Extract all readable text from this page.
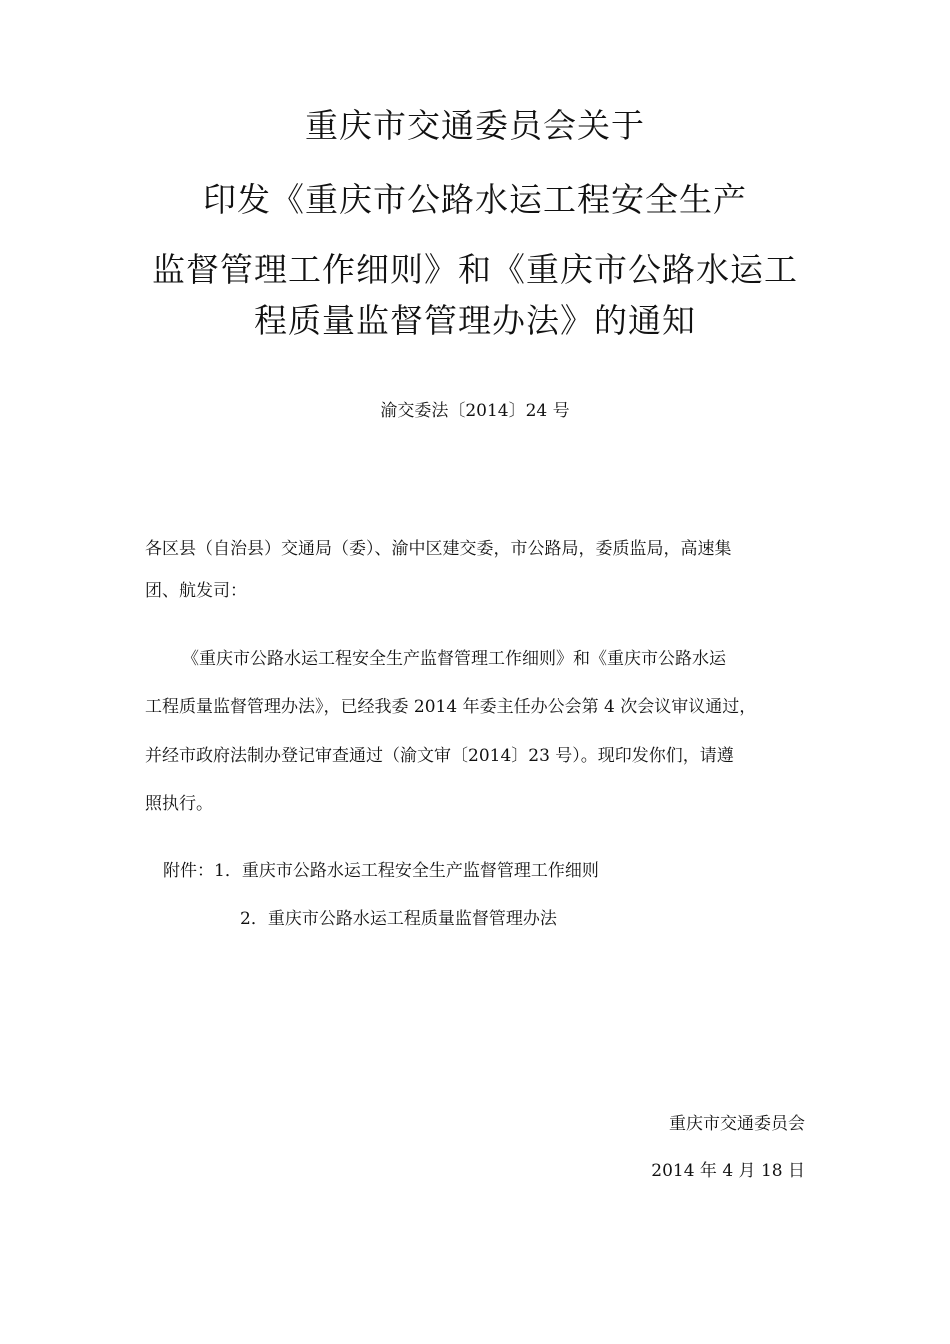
重庆市交通委员会关于
印发《重庆市公路水运工程安全生产
监督管理工作细则》和《重庆市公路水运工
程质量监督管理办法》的通知
渝交委法〔2014〕24 号
各区县（自治县）交通局（委）、渝中区建交委，市公路局，委质监局，高速集
团、航发司：
《重庆市公路水运工程安全生产监督管理工作细则》和《重庆市公路水运
工程质量监督管理办法》，已经我委 2014 年委主任办公会第 4 次会议审议通过，
并经市政府法制办登记审查通过（渝文审〔2014〕23 号）。现印发你们，请遵
照执行。
附件：1．重庆市公路水运工程安全生产监督管理工作细则
2．重庆市公路水运工程质量监督管理办法
重庆市交通委员会
2014 年 4 月 18 日
